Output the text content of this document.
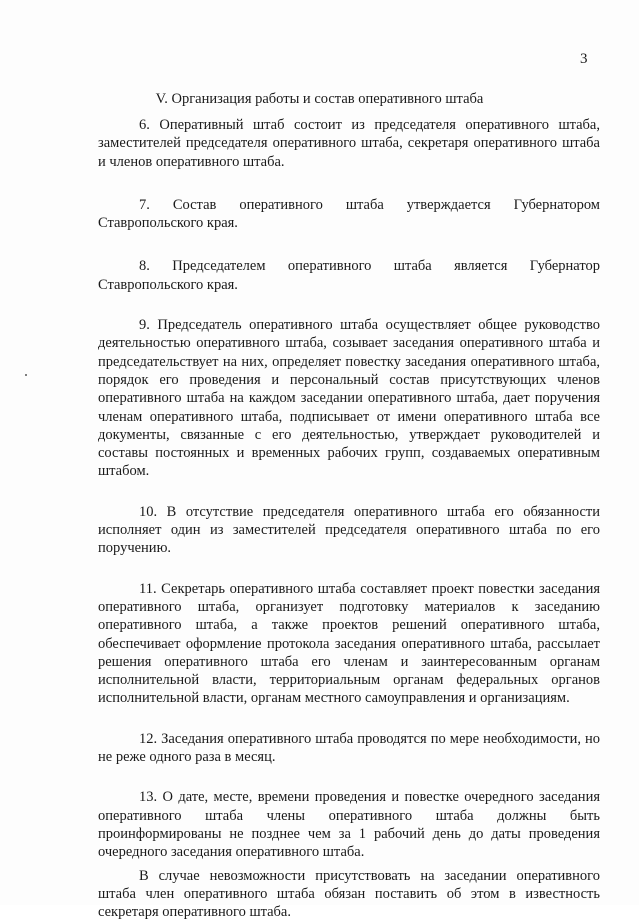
3
V. Организация работы и состав оперативного штаба

6. Оперативный штаб состоит из председателя оперативного штаба, заместителей председателя оперативного штаба, секретаря оперативного штаба и членов оперативного штаба.

7. Состав оперативного штаба утверждается Губернатором Ставропольского края.

8. Председателем оперативного штаба является Губернатор Ставропольского края.

9. Председатель оперативного штаба осуществляет общее руководство деятельностью оперативного штаба, созывает заседания оперативного штаба и председательствует на них, определяет повестку заседания оперативного штаба, порядок его проведения и персональный состав присутствующих членов оперативного штаба на каждом заседании оперативного штаба, дает поручения членам оперативного штаба, подписывает от имени оперативного штаба все документы, связанные с его деятельностью, утверждает руководителей и составы постоянных и временных рабочих групп, создаваемых оперативным штабом.

10. В отсутствие председателя оперативного штаба его обязанности исполняет один из заместителей председателя оперативного штаба по его поручению.

11. Секретарь оперативного штаба составляет проект повестки заседания оперативного штаба, организует подготовку материалов к заседанию оперативного штаба, а также проектов решений оперативного штаба, обеспечивает оформление протокола заседания оперативного штаба, рассылает решения оперативного штаба его членам и заинтересованным органам исполнительной власти, территориальным органам федеральных органов исполнительной власти, органам местного самоуправления и организациям.

12. Заседания оперативного штаба проводятся по мере необходимости, но не реже одного раза в месяц.

13. О дате, месте, времени проведения и повестке очередного заседания оперативного штаба члены оперативного штаба должны быть проинформированы не позднее чем за 1 рабочий день до даты проведения очередного заседания оперативного штаба.

В случае невозможности присутствовать на заседании оперативного штаба член оперативного штаба обязан поставить об этом в известность секретаря оперативного штаба.
